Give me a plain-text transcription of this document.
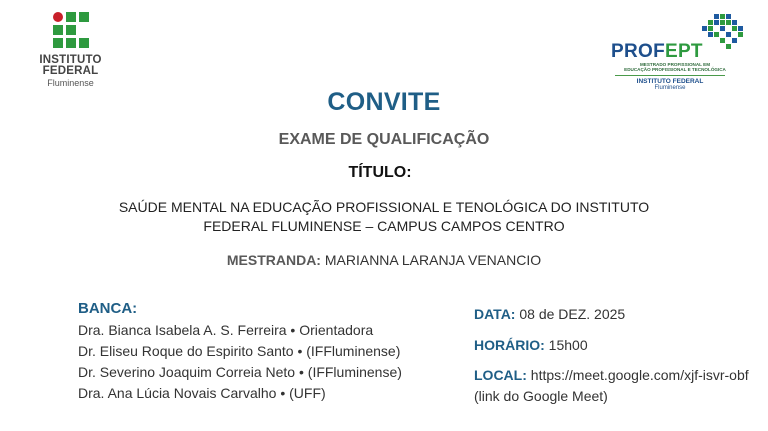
INSTITUTO
FEDERAL
Fluminense
PROFEPT
MESTRADO PROFISSIONAL EM
EDUCAÇÃO PROFISSIONAL E TECNOLÓGICA
INSTITUTO FEDERAL
Fluminense
CONVITE
EXAME DE QUALIFICAÇÃO
TÍTULO:
SAÚDE MENTAL NA EDUCAÇÃO PROFISSIONAL E TENOLÓGICA DO INSTITUTO
FEDERAL FLUMINENSE – CAMPUS CAMPOS CENTRO
MESTRANDA: MARIANNA LARANJA VENANCIO
BANCA:
Dra. Bianca Isabela A. S. Ferreira • Orientadora
Dr. Eliseu Roque do Espirito Santo • (IFFluminense)
Dr. Severino Joaquim Correia Neto • (IFFluminense)
Dra. Ana Lúcia Novais Carvalho • (UFF)
DATA: 08 de DEZ. 2025
HORÁRIO: 15h00
LOCAL: https://meet.google.com/xjf-isvr-obf
(link do Google Meet)
